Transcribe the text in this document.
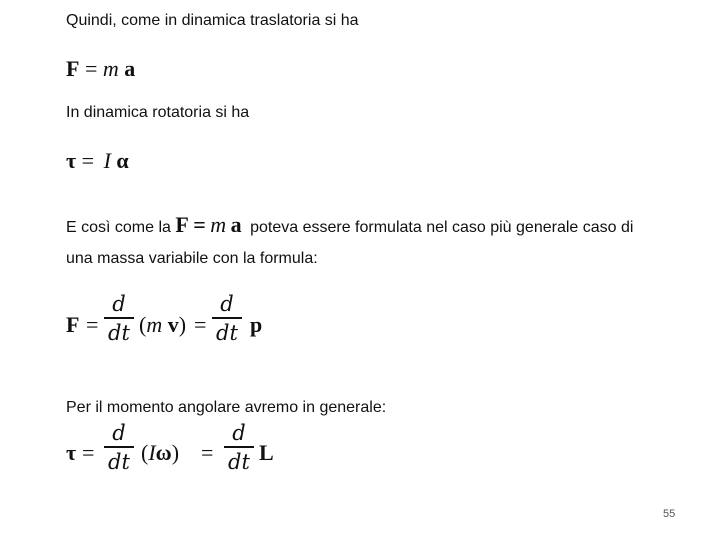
Quindi, come in dinamica traslatoria si ha
F = m a
In dinamica rotatoria si ha
τ = I α
E così come la F = m a poteva essere formulata nel caso più generale caso di
una massa variabile con la formula:
F =
d
dt (m v) =
d
dt p
Per il momento angolare avremo in generale:
τ =
d
dt (Iω) =
d
dt L
55
